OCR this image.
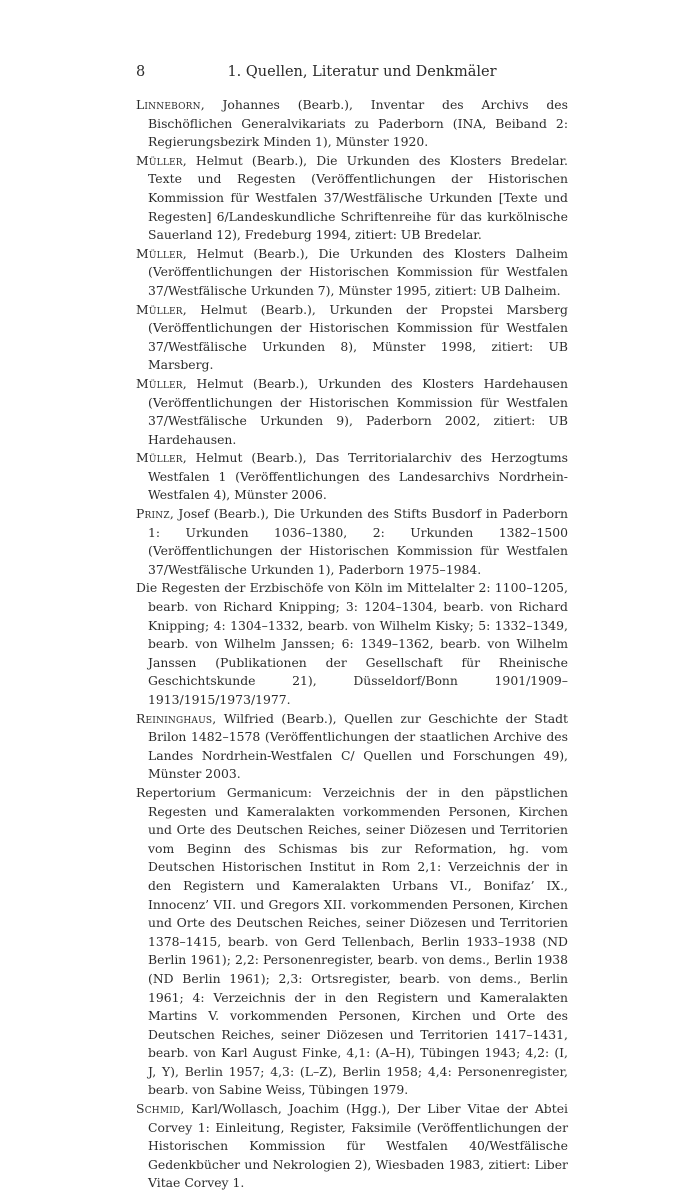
8	1. Quellen, Literatur und Denkmäler

Linneborn, Johannes (Bearb.), Inventar des Archivs des Bischöflichen Generalvikariats zu Paderborn (INA, Beiband 2: Regierungsbezirk Minden 1), Münster 1920.

Müller, Helmut (Bearb.), Die Urkunden des Klosters Bredelar. Texte und Regesten (Veröffentlichungen der Historischen Kommission für Westfalen 37/Westfälische Urkunden [Texte und Regesten] 6/Landeskundliche Schriftenreihe für das kurkölnische Sauerland 12), Fredeburg 1994, zitiert: UB Bredelar.

Müller, Helmut (Bearb.), Die Urkunden des Klosters Dalheim (Veröffentlichungen der Historischen Kommission für Westfalen 37/Westfälische Urkunden 7), Münster 1995, zitiert: UB Dalheim.

Müller, Helmut (Bearb.), Urkunden der Propstei Marsberg (Veröffentlichungen der Historischen Kommission für Westfalen 37/Westfälische Urkunden 8), Münster 1998, zitiert: UB Marsberg.

Müller, Helmut (Bearb.), Urkunden des Klosters Hardehausen (Veröffentlichungen der Historischen Kommission für Westfalen 37/Westfälische Urkunden 9), Paderborn 2002, zitiert: UB Hardehausen.

Müller, Helmut (Bearb.), Das Territorialarchiv des Herzogtums Westfalen 1 (Veröffentlichungen des Landesarchivs Nordrhein-Westfalen 4), Münster 2006.

Prinz, Josef (Bearb.), Die Urkunden des Stifts Busdorf in Paderborn 1: Urkunden 1036–1380, 2: Urkunden 1382–1500 (Veröffentlichungen der Historischen Kommission für Westfalen 37/Westfälische Urkunden 1), Paderborn 1975–1984.

Die Regesten der Erzbischöfe von Köln im Mittelalter 2: 1100–1205, bearb. von Richard Knipping; 3: 1204–1304, bearb. von Richard Knipping; 4: 1304–1332, bearb. von Wilhelm Kisky; 5: 1332–1349, bearb. von Wilhelm Janssen; 6: 1349–1362, bearb. von Wilhelm Janssen (Publikationen der Gesellschaft für Rheinische Geschichtskunde 21), Düsseldorf/Bonn 1901/1909–1913/1915/1973/1977.

Reininghaus, Wilfried (Bearb.), Quellen zur Geschichte der Stadt Brilon 1482–1578 (Veröffentlichungen der staatlichen Archive des Landes Nordrhein-Westfalen C/ Quellen und Forschungen 49), Münster 2003.

Repertorium Germanicum: Verzeichnis der in den päpstlichen Regesten und Kameralakten vorkommenden Personen, Kirchen und Orte des Deutschen Reiches, seiner Diözesen und Territorien vom Beginn des Schismas bis zur Reformation, hg. vom Deutschen Historischen Institut in Rom 2,1: Verzeichnis der in den Registern und Kameralakten Urbans VI., Bonifaz’ IX., Innocenz’ VII. und Gregors XII. vorkommenden Personen, Kirchen und Orte des Deutschen Reiches, seiner Diözesen und Territorien 1378–1415, bearb. von Gerd Tellenbach, Berlin 1933–1938 (ND Berlin 1961); 2,2: Personenregister, bearb. von dems., Berlin 1938 (ND Berlin 1961); 2,3: Ortsregister, bearb. von dems., Berlin 1961; 4: Verzeichnis der in den Registern und Kameralakten Martins V. vorkommenden Personen, Kirchen und Orte des Deutschen Reiches, seiner Diözesen und Territorien 1417–1431, bearb. von Karl August Finke, 4,1: (A–H), Tübingen 1943; 4,2: (I, J, Y), Berlin 1957; 4,3: (L–Z), Berlin 1958; 4,4: Personenregister, bearb. von Sabine Weiss, Tübingen 1979.

Schmid, Karl/Wollasch, Joachim (Hgg.), Der Liber Vitae der Abtei Corvey 1: Einleitung, Register, Faksimile (Veröffentlichungen der Historischen Kommission für Westfalen 40/Westfälische Gedenkbücher und Nekrologien 2), Wiesbaden 1983, zitiert: Liber Vitae Corvey 1.
